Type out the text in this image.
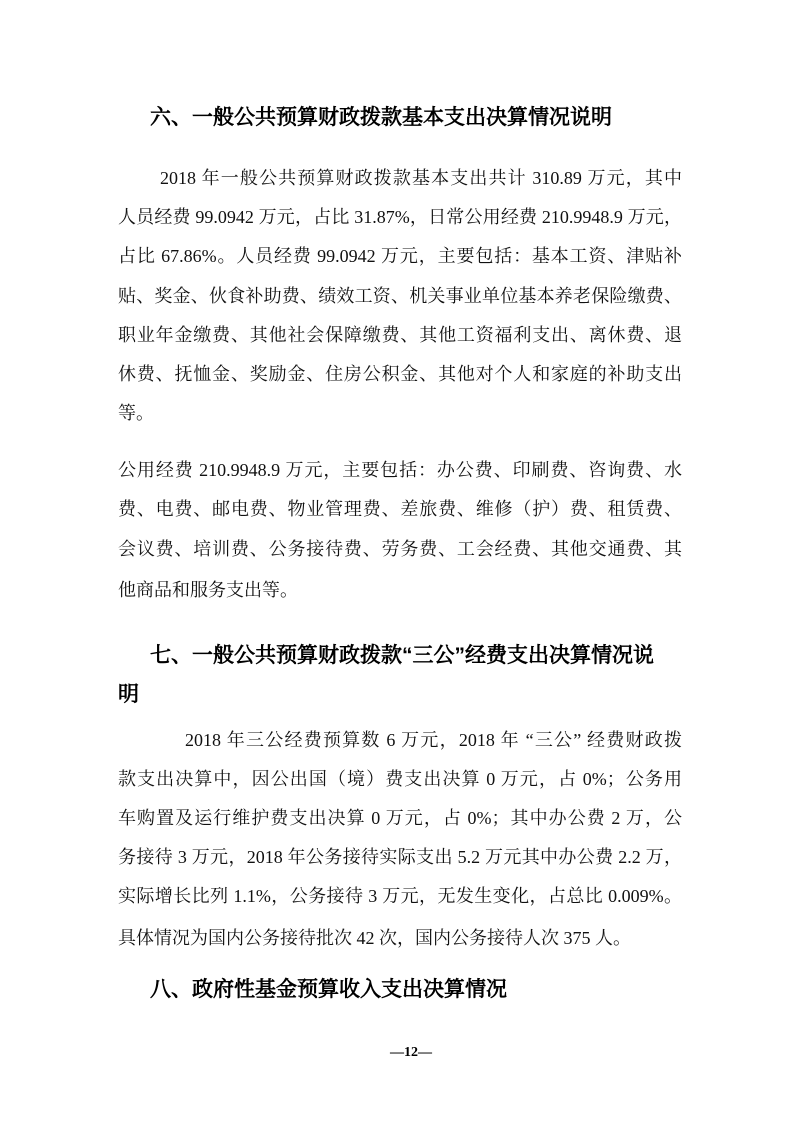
六、一般公共预算财政拨款基本支出决算情况说明
2018 年一般公共预算财政拨款基本支出共计 310.89 万元，其中
人员经费 99.0942 万元，占比 31.87%，日常公用经费 210.9948.9 万元，
占比 67.86%。人员经费 99.0942 万元，主要包括：基本工资、津贴补
贴、奖金、伙食补助费、绩效工资、机关事业单位基本养老保险缴费、
职业年金缴费、其他社会保障缴费、其他工资福利支出、离休费、退
休费、抚恤金、奖励金、住房公积金、其他对个人和家庭的补助支出
等。
公用经费 210.9948.9 万元，主要包括：办公费、印刷费、咨询费、水
费、电费、邮电费、物业管理费、差旅费、维修（护）费、租赁费、
会议费、培训费、公务接待费、劳务费、工会经费、其他交通费、其
他商品和服务支出等。
七、一般公共预算财政拨款“三公”经费支出决算情况说
明
2018 年三公经费预算数 6 万元，2018 年 “三公” 经费财政拨
款支出决算中，因公出国（境）费支出决算 0 万元，占 0%；公务用
车购置及运行维护费支出决算 0 万元，占 0%；其中办公费 2 万，公
务接待 3 万元，2018 年公务接待实际支出 5.2 万元其中办公费 2.2 万，
实际增长比列 1.1%，公务接待 3 万元，无发生变化，占总比 0.009%。
具体情况为国内公务接待批次 42 次，国内公务接待人次 375 人。
八、政府性基金预算收入支出决算情况
—12—
